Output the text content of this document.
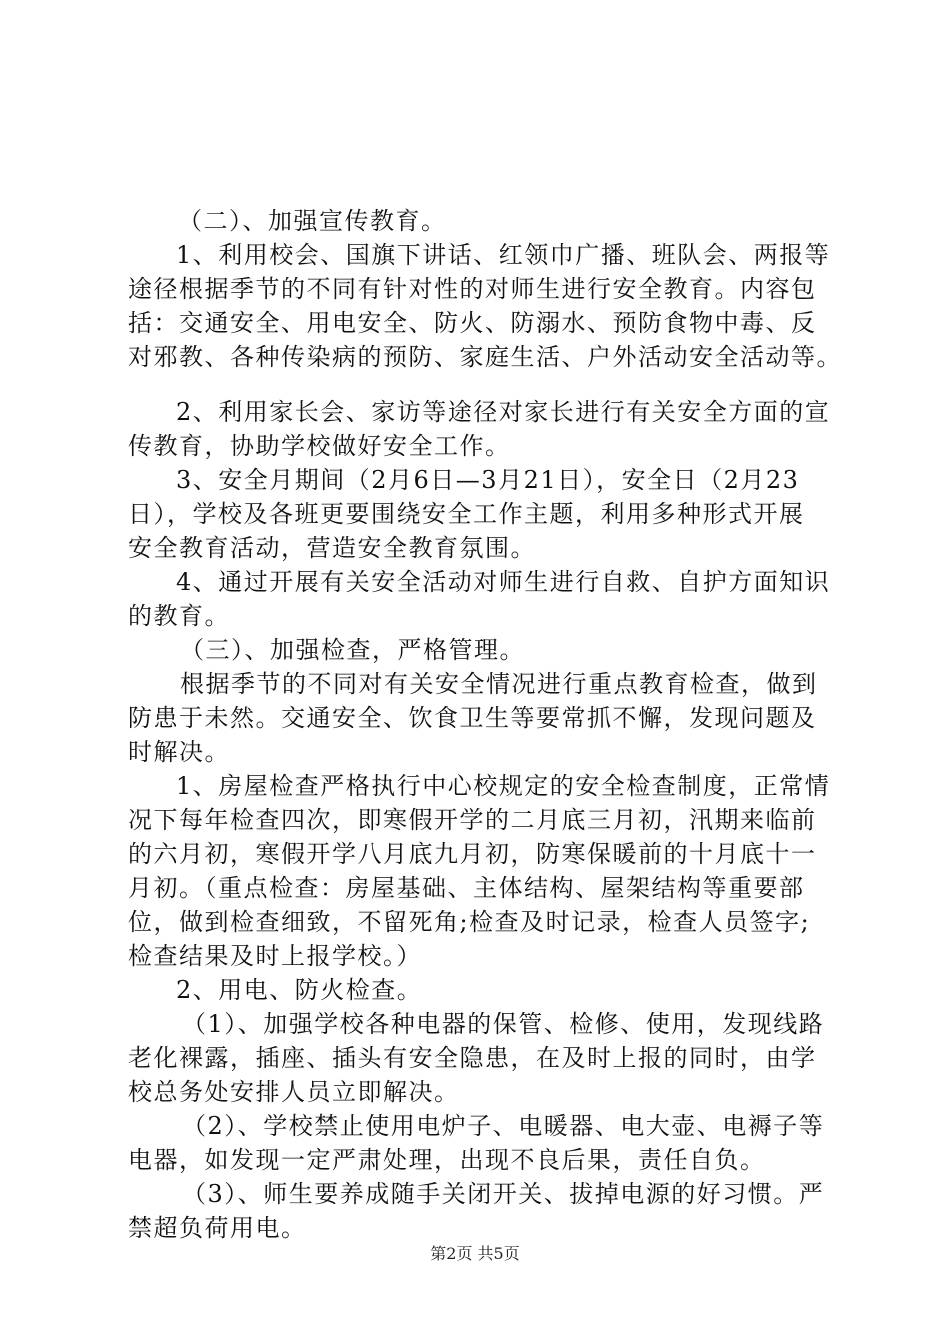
（二）、加强宣传教育。
1、利用校会、国旗下讲话、红领巾广播、班队会、两报等
途径根据季节的不同有针对性的对师生进行安全教育。内容包
括：交通安全、用电安全、防火、防溺水、预防食物中毒、反
对邪教、各种传染病的预防、家庭生活、户外活动安全活动等。
2、利用家长会、家访等途径对家长进行有关安全方面的宣
传教育，协助学校做好安全工作。
3、安全月期间（2月6日—3月21日），安全日（2月23
日），学校及各班更要围绕安全工作主题，利用多种形式开展
安全教育活动，营造安全教育氛围。
4、通过开展有关安全活动对师生进行自救、自护方面知识
的教育。
（三）、加强检查，严格管理。
根据季节的不同对有关安全情况进行重点教育检查，做到
防患于未然。交通安全、饮食卫生等要常抓不懈，发现问题及
时解决。
1、房屋检查严格执行中心校规定的安全检查制度，正常情
况下每年检查四次，即寒假开学的二月底三月初，汛期来临前
的六月初，寒假开学八月底九月初，防寒保暖前的十月底十一
月初。（重点检查：房屋基础、主体结构、屋架结构等重要部
位，做到检查细致，不留死角;检查及时记录，检查人员签字;
检查结果及时上报学校。）
2、用电、防火检查。
（1）、加强学校各种电器的保管、检修、使用，发现线路
老化裸露，插座、插头有安全隐患，在及时上报的同时，由学
校总务处安排人员立即解决。
（2）、学校禁止使用电炉子、电暖器、电大壶、电褥子等
电器，如发现一定严肃处理，出现不良后果，责任自负。
（3）、师生要养成随手关闭开关、拔掉电源的好习惯。严
禁超负荷用电。
第2页 共5页
